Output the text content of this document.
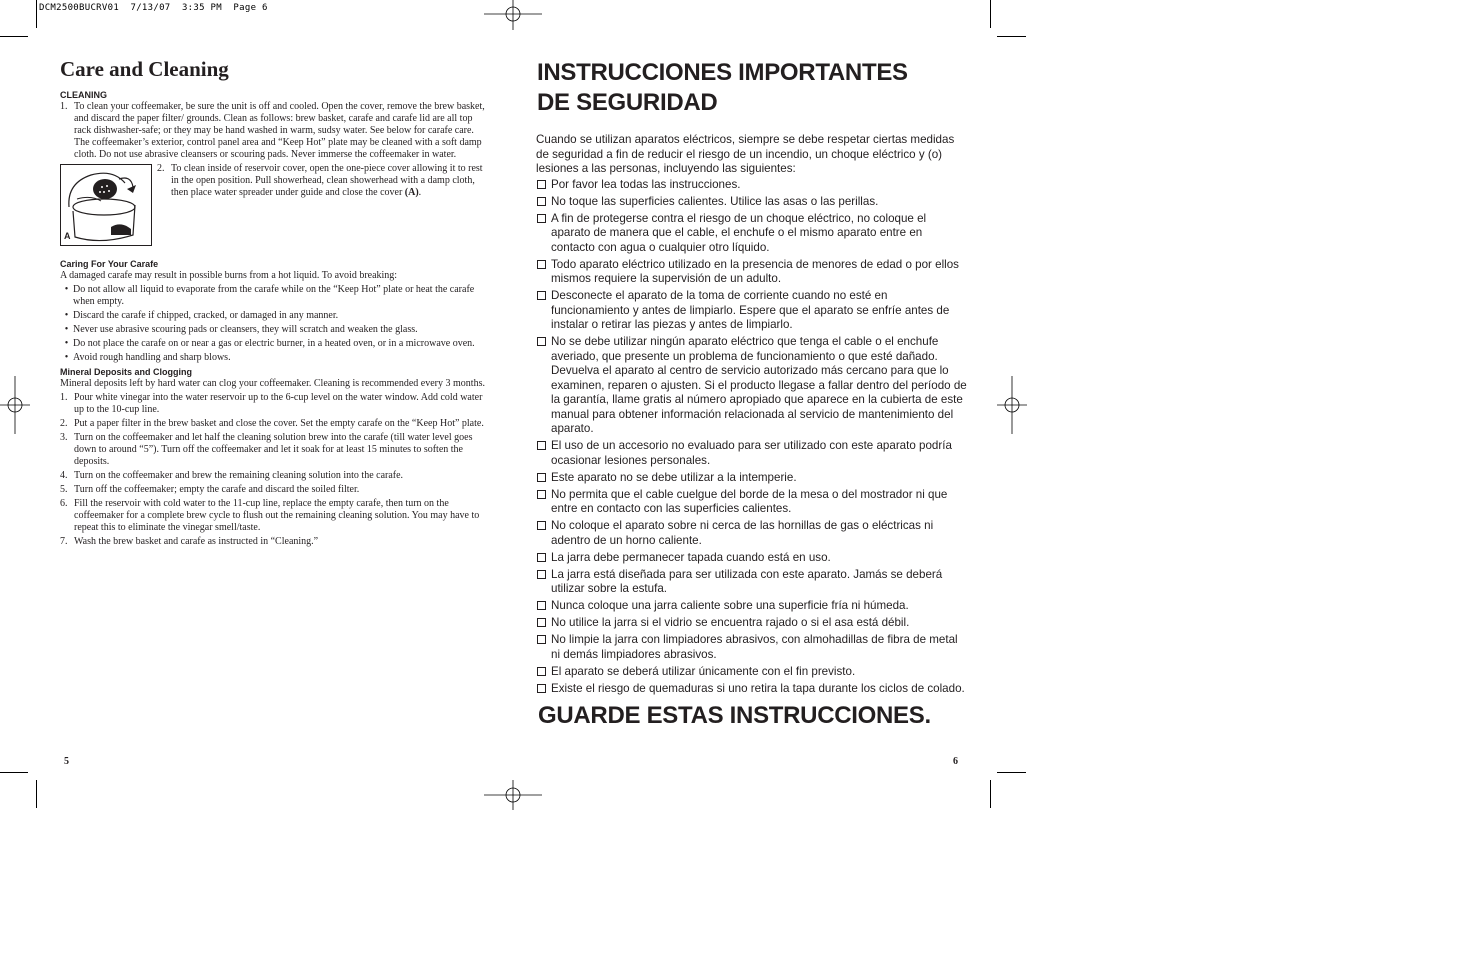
DCM2500BUCRV01  7/13/07  3:35 PM  Page 6
Care and Cleaning
CLEANING
1. To clean your coffeemaker, be sure the unit is off and cooled. Open the cover, remove the brew basket, and discard the paper filter/ grounds. Clean as follows: brew basket, carafe and carafe lid are all top rack dishwasher-safe; or they may be hand washed in warm, sudsy water. See below for carafe care. The coffeemaker’s exterior, control panel area and “Keep Hot” plate may be cleaned with a soft damp cloth. Do not use abrasive cleansers or scouring pads. Never immerse the coffeemaker in water.
A
2. To clean inside of reservoir cover, open the one-piece cover allowing it to rest in the open position. Pull showerhead, clean showerhead with a damp cloth, then place water spreader under guide and close the cover (A).
Caring For Your Carafe

A damaged carafe may result in possible burns from a hot liquid. To avoid breaking:

• Do not allow all liquid to evaporate from the carafe while on the “Keep Hot” plate or heat the carafe when empty.
• Discard the carafe if chipped, cracked, or damaged in any manner.
• Never use abrasive scouring pads or cleansers, they will scratch and weaken the glass.
• Do not place the carafe on or near a gas or electric burner, in a heated oven, or in a microwave oven.
• Avoid rough handling and sharp blows.
Mineral Deposits and Clogging

Mineral deposits left by hard water can clog your coffeemaker. Cleaning is recommended every 3 months.

1. Pour white vinegar into the water reservoir up to the 6-cup level on the water window. Add cold water up to the 10-cup line.
2. Put a paper filter in the brew basket and close the cover. Set the empty carafe on the “Keep Hot” plate.
3. Turn on the coffeemaker and let half the cleaning solution brew into the carafe (till water level goes down to around “5”). Turn off the coffeemaker and let it soak for at least 15 minutes to soften the deposits.
4. Turn on the coffeemaker and brew the remaining cleaning solution into the carafe.
5. Turn off the coffeemaker; empty the carafe and discard the soiled filter.
6. Fill the reservoir with cold water to the 11-cup line, replace the empty carafe, then turn on the coffeemaker for a complete brew cycle to flush out the remaining cleaning solution. You may have to repeat this to eliminate the vinegar smell/taste.
7. Wash the brew basket and carafe as instructed in “Cleaning.”
5
INSTRUCCIONES IMPORTANTES
DE SEGURIDAD

Cuando se utilizan aparatos eléctricos, siempre se debe respetar ciertas medidas de seguridad a fin de reducir el riesgo de un incendio, un choque eléctrico y (o) lesiones a las personas, incluyendo las siguientes:

Por favor lea todas las instrucciones.
No toque las superficies calientes. Utilice las asas o las perillas.
A fin de protegerse contra el riesgo de un choque eléctrico, no coloque el aparato de manera que el cable, el enchufe o el mismo aparato entre en contacto con agua o cualquier otro líquido.
Todo aparato eléctrico utilizado en la presencia de menores de edad o por ellos mismos requiere la supervisión de un adulto.
Desconecte el aparato de la toma de corriente cuando no esté en funcionamiento y antes de limpiarlo. Espere que el aparato se enfríe antes de instalar o retirar las piezas y antes de limpiarlo.
No se debe utilizar ningún aparato eléctrico que tenga el cable o el enchufe averiado, que presente un problema de funcionamiento o que esté dañado. Devuelva el aparato al centro de servicio autorizado más cercano para que lo examinen, reparen o ajusten. Si el producto llegase a fallar dentro del período de la garantía, llame gratis al número apropiado que aparece en la cubierta de este manual para obtener información relacionada al servicio de mantenimiento del aparato.
El uso de un accesorio no evaluado para ser utilizado con este aparato podría ocasionar lesiones personales.
Este aparato no se debe utilizar a la intemperie.
No permita que el cable cuelgue del borde de la mesa o del mostrador ni que entre en contacto con las superficies calientes.
No coloque el aparato sobre ni cerca de las hornillas de gas o eléctricas ni adentro de un horno caliente.
La jarra debe permanecer tapada cuando está en uso.
La jarra está diseñada para ser utilizada con este aparato. Jamás se deberá utilizar sobre la estufa.
Nunca coloque una jarra caliente sobre una superficie fría ni húmeda.
No utilice la jarra si el vidrio se encuentra rajado o si el asa está débil.
No limpie la jarra con limpiadores abrasivos, con almohadillas de fibra de metal ni demás limpiadores abrasivos.
El aparato se deberá utilizar únicamente con el fin previsto.
Existe el riesgo de quemaduras si uno retira la tapa durante los ciclos de colado.
GUARDE ESTAS INSTRUCCIONES.
6
